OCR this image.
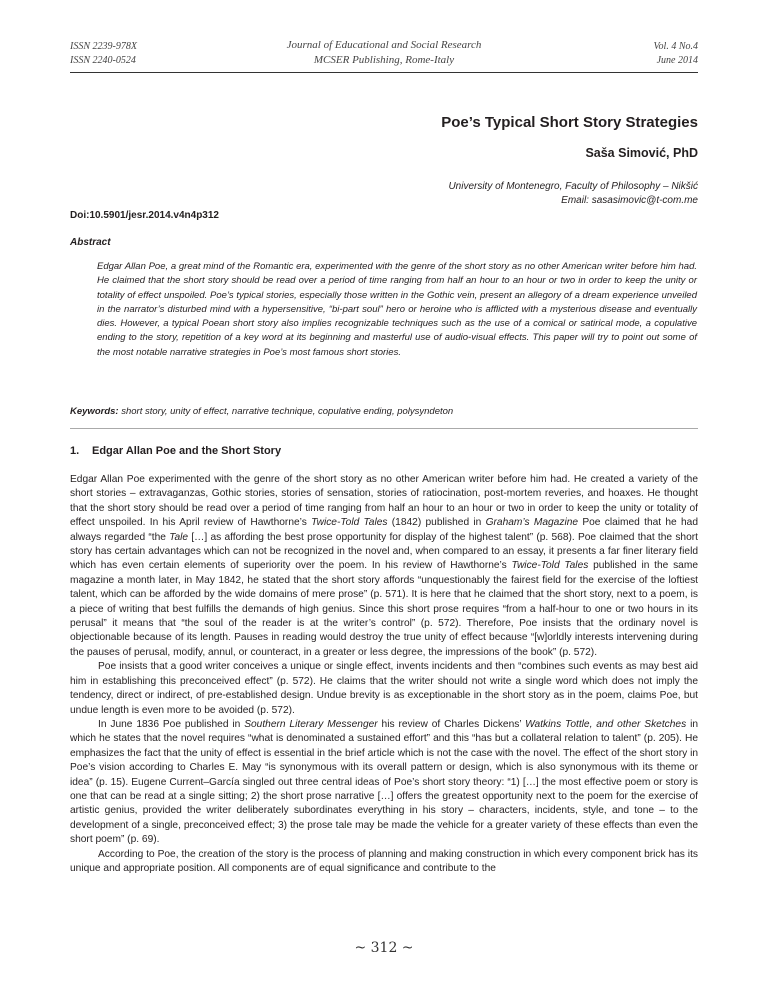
ISSN 2239-978X
ISSN 2240-0524
Journal of Educational and Social Research
MCSER Publishing, Rome-Italy
Vol. 4 No.4
June 2014
Poe’s Typical Short Story Strategies
Saša Simović, PhD
University of Montenegro, Faculty of Philosophy – Nikšić
Email: sasasimovic@t-com.me
Doi:10.5901/jesr.2014.v4n4p312
Abstract
Edgar Allan Poe, a great mind of the Romantic era, experimented with the genre of the short story as no other American writer before him had. He claimed that the short story should be read over a period of time ranging from half an hour to an hour or two in order to keep the unity or totality of effect unspoiled. Poe’s typical stories, especially those written in the Gothic vein, present an allegory of a dream experience unveiled in the narrator’s disturbed mind with a hypersensitive, “bi-part soul” hero or heroine who is afflicted with a mysterious disease and eventually dies. However, a typical Poean short story also implies recognizable techniques such as the use of a comical or satirical mode, a copulative ending to the story, repetition of a key word at its beginning and masterful use of audio-visual effects. This paper will try to point out some of the most notable narrative strategies in Poe’s most famous short stories.
Keywords: short story, unity of effect, narrative technique, copulative ending, polysyndeton
1. Edgar Allan Poe and the Short Story

Edgar Allan Poe experimented with the genre of the short story as no other American writer before him had. He created a variety of the short stories – extravaganzas, Gothic stories, stories of sensation, stories of ratiocination, post-mortem reveries, and hoaxes. He thought that the short story should be read over a period of time ranging from half an hour to an hour or two in order to keep the unity or totality of effect unspoiled. In his April review of Hawthorne’s Twice-Told Tales (1842) published in Graham’s Magazine Poe claimed that he had always regarded “the Tale […] as affording the best prose opportunity for display of the highest talent” (p. 568). Poe claimed that the short story has certain advantages which can not be recognized in the novel and, when compared to an essay, it presents a far finer literary field which has even certain elements of superiority over the poem. In his review of Hawthorne’s Twice-Told Tales published in the same magazine a month later, in May 1842, he stated that the short story affords “unquestionably the fairest field for the exercise of the loftiest talent, which can be afforded by the wide domains of mere prose” (p. 571). It is here that he claimed that the short story, next to a poem, is a piece of writing that best fulfills the demands of high genius. Since this short prose requires “from a half-hour to one or two hours in its perusal” it means that “the soul of the reader is at the writer’s control” (p. 572). Therefore, Poe insists that the ordinary novel is objectionable because of its length. Pauses in reading would destroy the true unity of effect because “[w]orldly interests intervening during the pauses of perusal, modify, annul, or counteract, in a greater or less degree, the impressions of the book” (p. 572).

Poe insists that a good writer conceives a unique or single effect, invents incidents and then “combines such events as may best aid him in establishing this preconceived effect” (p. 572). He claims that the writer should not write a single word which does not imply the tendency, direct or indirect, of pre-established design. Undue brevity is as exceptionable in the short story as in the poem, claims Poe, but undue length is even more to be avoided (p. 572).

In June 1836 Poe published in Southern Literary Messenger his review of Charles Dickens’ Watkins Tottle, and other Sketches in which he states that the novel requires “what is denominated a sustained effort” and this “has but a collateral relation to talent” (p. 205). He emphasizes the fact that the unity of effect is essential in the brief article which is not the case with the novel. The effect of the short story in Poe’s vision according to Charles E. May “is synonymous with its overall pattern or design, which is also synonymous with its theme or idea” (p. 15). Eugene Current–García singled out three central ideas of Poe’s short story theory: “1) […] the most effective poem or story is one that can be read at a single sitting; 2) the short prose narrative […] offers the greatest opportunity next to the poem for the exercise of artistic genius, provided the writer deliberately subordinates everything in his story – characters, incidents, style, and tone – to the development of a single, preconceived effect; 3) the prose tale may be made the vehicle for a greater variety of these effects than even the short poem” (p. 69).

According to Poe, the creation of the story is the process of planning and making construction in which every component brick has its unique and appropriate position. All components are of equal significance and contribute to the

~ 312 ~
